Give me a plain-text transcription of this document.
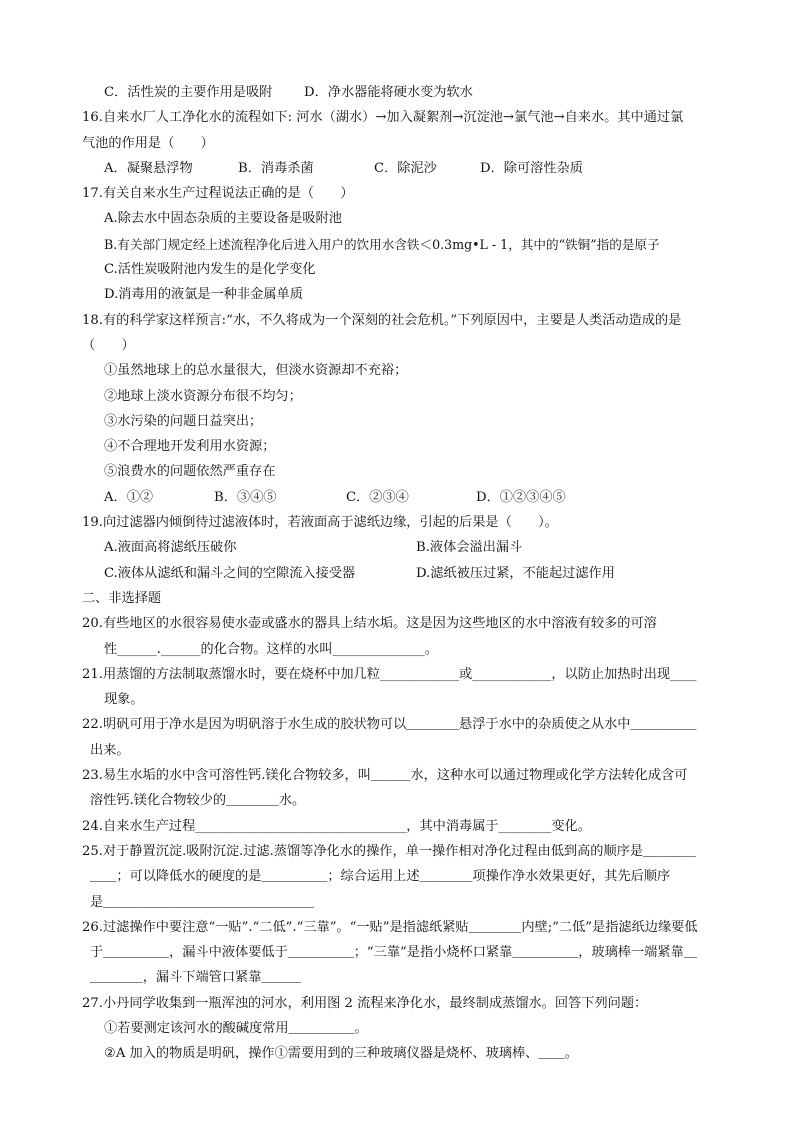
C．活性炭的主要作用是吸附	D．净水器能将硬水变为软水
16.自来水厂人工净化水的流程如下: 河水（湖水）→加入凝絮剂→沉淀池→氯气池→自来水。其中通过氯
气池的作用是（　　）
A．凝聚悬浮物	B．消毒杀菌	C．除泥沙	D．除可溶性杂质
17.有关自来水生产过程说法正确的是（　　）
A.除去水中固态杂质的主要设备是吸附池
B.有关部门规定经上述流程净化后进入用户的饮用水含铁＜0.3mg•L - 1，其中的“铁铜”指的是原子
C.活性炭吸附池内发生的是化学变化
D.消毒用的液氯是一种非金属单质
18.有的科学家这样预言:“水，不久将成为一个深刻的社会危机。”下列原因中，主要是人类活动造成的是
（　　）
①虽然地球上的总水量很大，但淡水资源却不充裕；
②地球上淡水资源分布很不均匀；
③水污染的问题日益突出；
④不合理地开发利用水资源；
⑤浪费水的问题依然严重存在
A．①②	B．③④⑤	C．②③④	D．①②③④⑤
19.向过滤器内倾倒待过滤液体时，若液面高于滤纸边缘，引起的后果是（　　）。
A.液面高将滤纸压破你	B.液体会溢出漏斗
C.液体从滤纸和漏斗之间的空隙流入接受器	D.滤纸被压过紧，不能起过滤作用
二、非选择题
20.有些地区的水很容易使水壶或盛水的器具上结水垢。这是因为这些地区的水中溶液有较多的可溶
性______.______的化合物。这样的水叫______________。
21.用蒸馏的方法制取蒸馏水时，要在烧杯中加几粒____________或____________，以防止加热时出现____
现象。
22.明矾可用于净水是因为明矾溶于水生成的胶状物可以＿＿＿＿悬浮于水中的杂质使之从水中＿＿＿＿＿
出来。
23.易生水垢的水中含可溶性钙.镁化合物较多，叫＿＿＿水，这种水可以通过物理或化学方法转化成含可
溶性钙.镁化合物较少的＿＿＿＿水。
24.自来水生产过程________________________________，其中消毒属于________变化。
25.对于静置沉淀.吸附沉淀.过滤.蒸馏等净化水的操作，单一操作相对净化过程由低到高的顺序是＿＿＿＿
＿＿；可以降低水的硬度的是＿＿＿＿＿；综合运用上述＿＿＿＿项操作净水效果更好，其先后顺序
是＿＿＿＿＿＿＿＿＿＿＿＿＿＿＿＿
26.过滤操作中要注意“一贴”.“二低”.“三靠”。“一贴”是指滤纸紧贴＿＿＿＿内壁;“二低”是指滤纸边缘要低
于＿＿＿＿＿，漏斗中液体要低于＿＿＿＿＿；“三靠”是指小烧杯口紧靠＿＿＿＿＿，玻璃棒一端紧靠＿
＿＿＿＿，漏斗下端管口紧靠＿＿＿
27.小丹同学收集到一瓶浑浊的河水，利用图 2 流程来净化水，最终制成蒸馏水。回答下列问题：
①若要测定该河水的酸碱度常用＿＿＿＿＿。
②A 加入的物质是明矾，操作①需要用到的三种玻璃仪器是烧杯、玻璃棒、＿＿。
